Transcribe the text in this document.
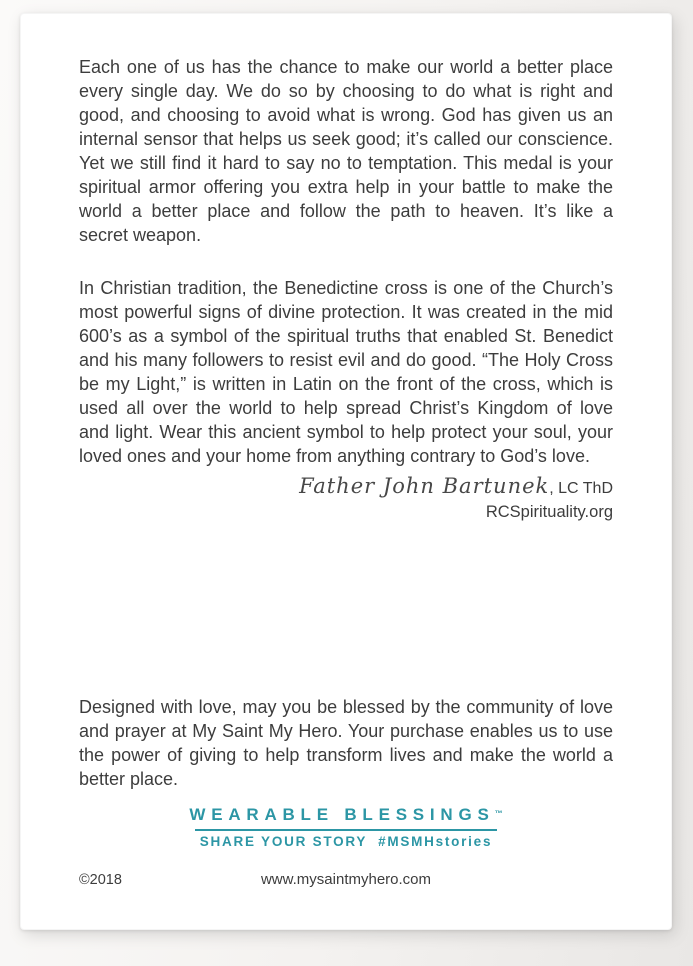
Each one of us has the chance to make our world a better place
every single day. We do so by choosing to do what is right and
good, and choosing to avoid what is wrong. God has given us an
internal sensor that helps us seek good; it’s called our conscience.
Yet we still find it hard to say no to temptation. This medal is your
spiritual armor offering you extra help in your battle to make the
world a better place and follow the path to heaven. It’s like a
secret weapon.
In Christian tradition, the Benedictine cross is one of the Church’s
most powerful signs of divine protection. It was created in the mid
600’s as a symbol of the spiritual truths that enabled St. Benedict
and his many followers to resist evil and do good. “The Holy Cross
be my Light,” is written in Latin on the front of the cross, which is
used all over the world to help spread Christ’s Kingdom of love
and light. Wear this ancient symbol to help protect your soul, your
loved ones and your home from anything contrary to God’s love.
Father John Bartunek, LC ThD
RCSpirituality.org
Designed with love, may you be blessed by the community of love
and prayer at My Saint My Hero. Your purchase enables us to use
the power of giving to help transform lives and make the world a
better place.
WEARABLE BLESSINGS™
SHARE YOUR STORY #MSMHstories
©2018	www.mysaintmyhero.com
